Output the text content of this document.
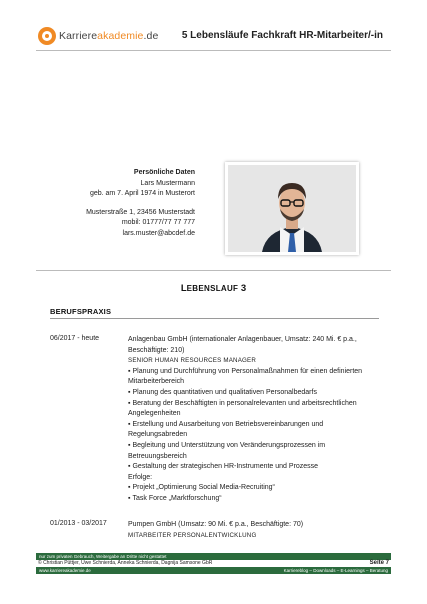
Karriereakademie.de 5 Lebensläufe Fachkraft HR-Mitarbeiter/-in
Persönliche Daten
Lars Mustermann
geb. am 7. April 1974 in Musterort
Musterstraße 1, 23456 Musterstadt
mobil: 01777/77 77 777
lars.muster@abcdef.de
LEBENSLAUF 3
BERUFSPRAXIS
06/2017 - heute	Anlagenbau GmbH (internationaler Anlagenbauer, Umsatz: 240 Mi. € p.a., Beschäftigte: 210)
SENIOR HUMAN RESOURCES MANAGER
▪ Planung und Durchführung von Personalmaßnahmen für einen definierten Mitarbeiterbereich
▪ Planung des quantitativen und qualitativen Personalbedarfs
▪ Beratung der Beschäftigten in personalrelevanten und arbeitsrechtlichen Angelegenheiten
▪ Erstellung und Ausarbeitung von Betriebsvereinbarungen und Regelungsabreden
▪ Begleitung und Unterstützung von Veränderungsprozessen im Betreuungsbereich
▪ Gestaltung der strategischen HR-Instrumente und Prozesse
Erfolge:
▪ Projekt „Optimierung Social Media-Recruiting“
▪ Task Force „Marktforschung“
01/2013 - 03/2017	Pumpen GmbH (Umsatz: 90 Mi. € p.a., Beschäftigte: 70)
MITARBEITER PERSONALENTWICKLUNG
nur zum privaten Gebrauch, Weitergabe an Dritte nicht gestattet
© Christian Püttjer, Uwe Schnierda, Anneka Schnierda, Dagnija Samsone GbR	Seite 7
www.karriereakademie.de	Karriereblog – Downloads – E-Learnings – Beratung
